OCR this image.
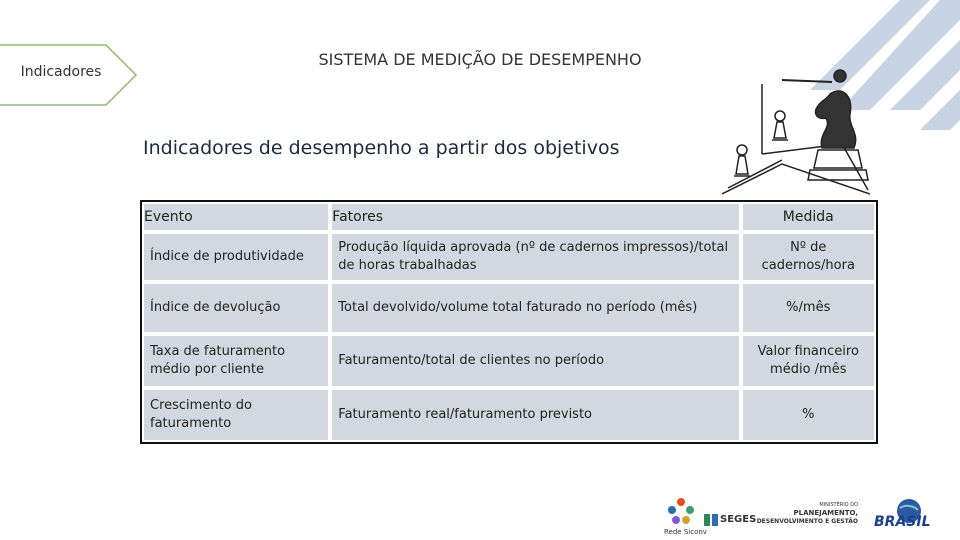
Indicadores
SISTEMA DE MEDIÇÃO DE DESEMPENHO
Indicadores de desempenho a partir dos objetivos
Evento	Fatores	Medida
Índice de produtividade	Produção líquida aprovada (nº de cadernos impressos)/total de horas trabalhadas	Nº de cadernos/hora
Índice de devolução	Total devolvido/volume total faturado no período (mês)	%/mês
Taxa de faturamento médio por cliente	Faturamento/total de clientes no período	Valor financeiro médio /mês
Crescimento do faturamento	Faturamento real/faturamento previsto	%
Rede Siconv
SEGES
MINISTÉRIO DO
PLANEJAMENTO,
DESENVOLVIMENTO E GESTÃO BRASIL
